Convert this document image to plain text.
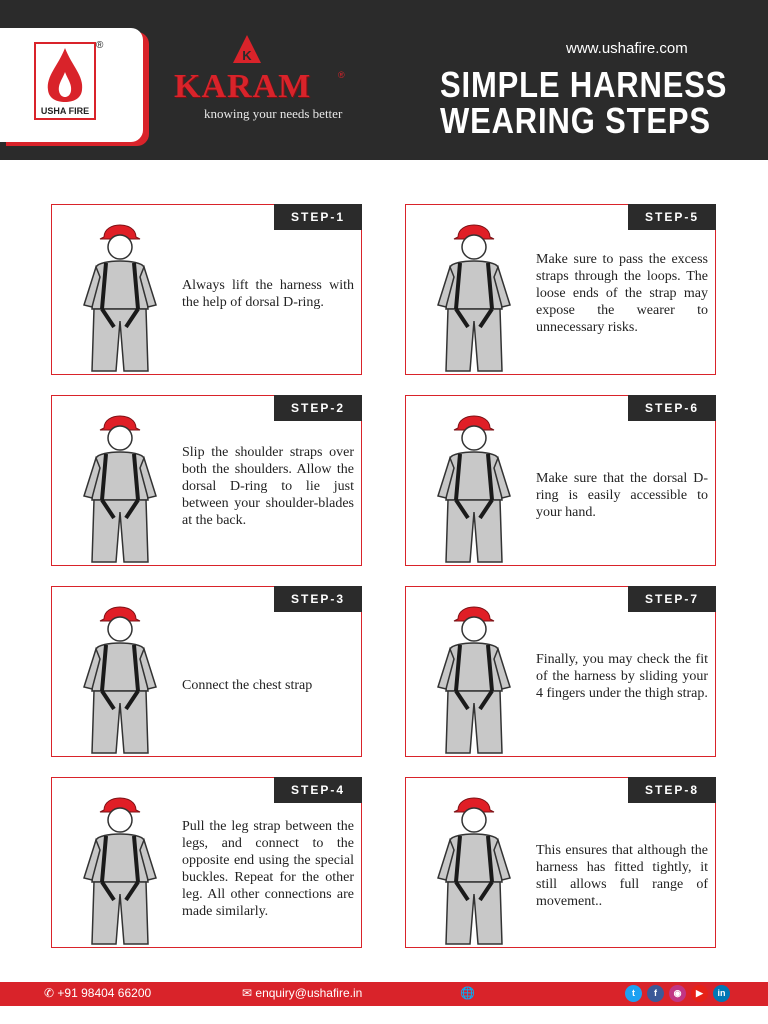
USHA FIRE
®
K
KARAM	®
knowing your needs better
www.ushafire.com
SIMPLE HARNESS
WEARING STEPS
STEP-1
Always lift the harness with the help of dorsal D-ring.
STEP-2
Slip the shoulder straps over both the shoulders. Allow the dorsal D-ring to lie just between your shoulder-blades at the back.
STEP-3
Connect the chest strap
STEP-4
Pull the leg strap between the legs, and connect to the opposite end using the special buckles. Repeat for the other leg. All other connections are made similarly.
STEP-5
Make sure to pass the excess straps through the loops. The loose ends of the strap may expose the wearer to unnecessary risks.
STEP-6
Make sure that the dorsal D-ring is easily accessible to your hand.
STEP-7
Finally, you may check the fit of the harness by sliding your 4 fingers under the thigh strap.
STEP-8
This ensures that although the harness has fitted tightly, it still allows full range of movement..
✆ +91 98404 66200	✉ enquiry@ushafire.in	🌐	t	f	◉	▶	in
